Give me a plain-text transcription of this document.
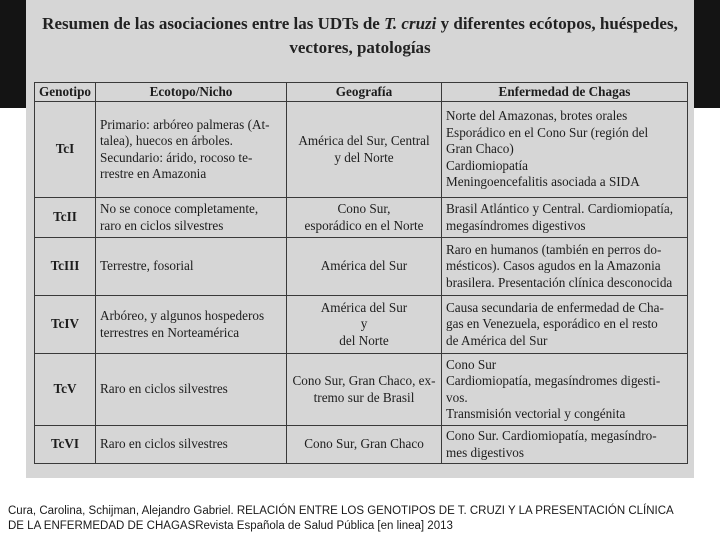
Resumen de las asociaciones entre las UDTs de T. cruzi y diferentes ecótopos, huéspedes,
vectores, patologías
Genotipo	Ecotopo/Nicho	Geografía	Enfermedad de Chagas
TcI	Primario: arbóreo palmeras (At-
talea), huecos en árboles.
Secundario: árido, rocoso te-
rrestre en Amazonia	América del Sur, Central
y del Norte	Norte del Amazonas, brotes orales
Esporádico en el Cono Sur (región del
Gran Chaco)
Cardiomiopatía
Meningoencefalitis asociada a SIDA

TcII	No se conoce completamente,
raro en ciclos silvestres	Cono Sur,
esporádico en el Norte	Brasil Atlántico y Central. Cardiomiopatía,
megasíndromes digestivos

TcIII	Terrestre, fosorial	América del Sur	Raro en humanos (también en perros do-
mésticos). Casos agudos en la Amazonia
brasilera. Presentación clínica desconocida

TcIV	Arbóreo, y algunos hospederos
terrestres en Norteamérica	América del Sur
y
del Norte	Causa secundaria de enfermedad de Cha-
gas en Venezuela, esporádico en el resto
de América del Sur

TcV	Raro en ciclos silvestres	Cono Sur, Gran Chaco, ex-
tremo sur de Brasil	Cono Sur
Cardiomiopatía, megasíndromes digesti-
vos.
Transmisión vectorial y congénita

TcVI	Raro en ciclos silvestres	Cono Sur, Gran Chaco	Cono Sur. Cardiomiopatía, megasíndro-
mes digestivos
Cura, Carolina, Schijman, Alejandro Gabriel. RELACIÓN ENTRE LOS GENOTIPOS DE T. CRUZI Y LA PRESENTACIÓN CLÍNICA
DE LA ENFERMEDAD DE CHAGASRevista Española de Salud Pública [en linea] 2013
